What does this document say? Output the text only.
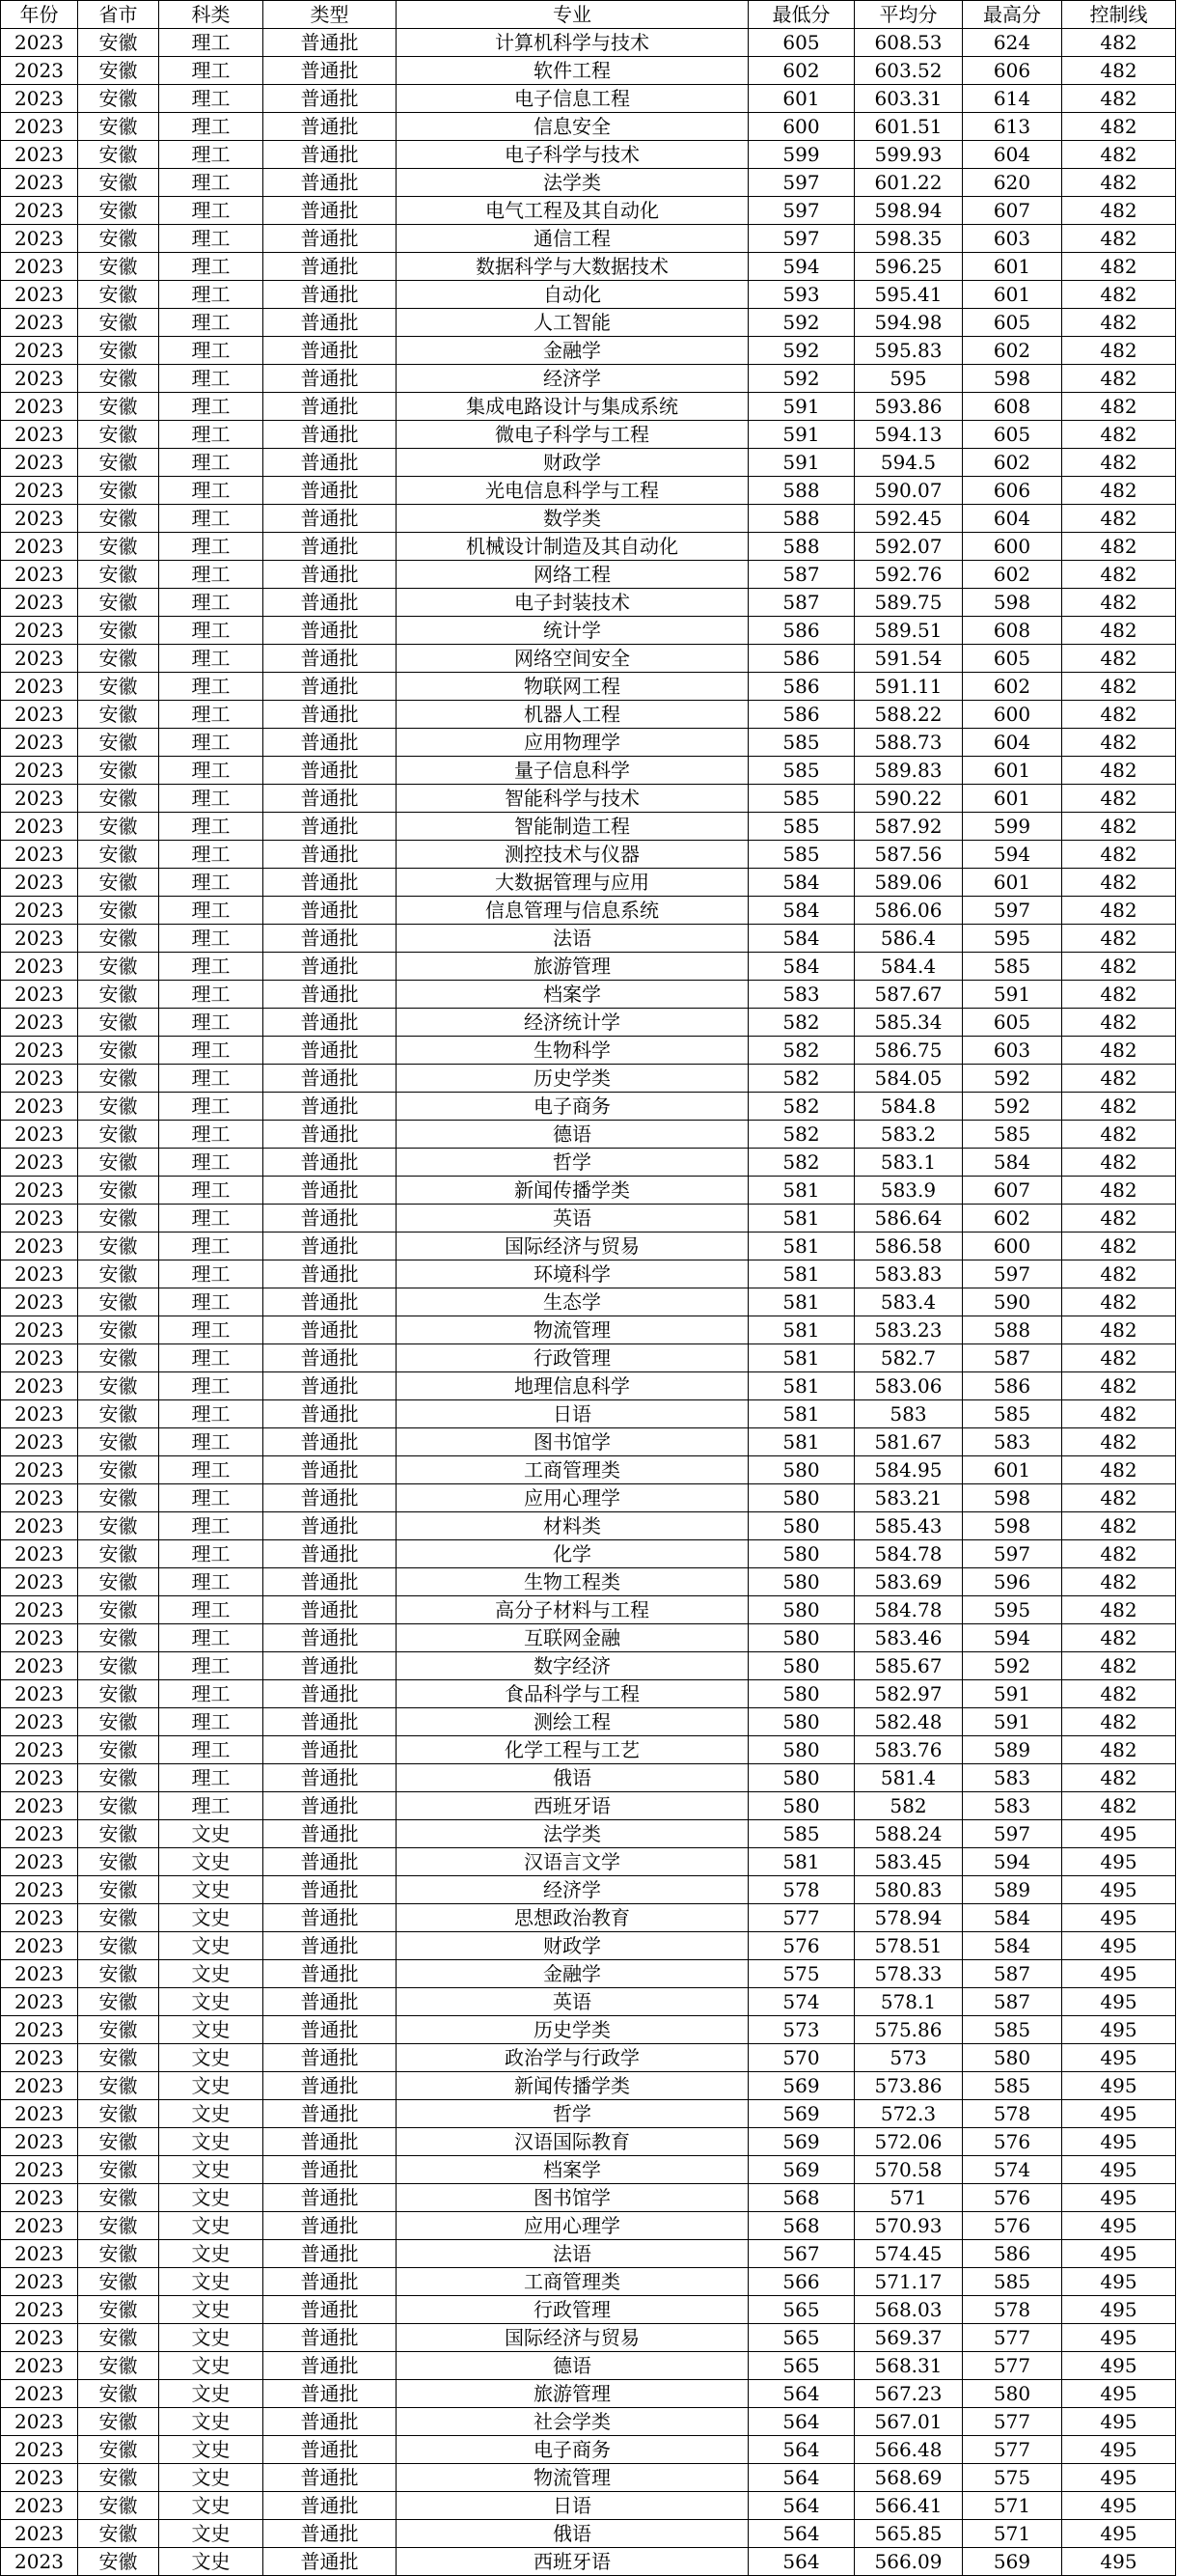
年份	省市	科类	类型	专业	最低分	平均分	最高分	控制线
2023	安徽	理工	普通批	计算机科学与技术	605	608.53	624	482
2023	安徽	理工	普通批	软件工程	602	603.52	606	482
2023	安徽	理工	普通批	电子信息工程	601	603.31	614	482
2023	安徽	理工	普通批	信息安全	600	601.51	613	482
2023	安徽	理工	普通批	电子科学与技术	599	599.93	604	482
2023	安徽	理工	普通批	法学类	597	601.22	620	482
2023	安徽	理工	普通批	电气工程及其自动化	597	598.94	607	482
2023	安徽	理工	普通批	通信工程	597	598.35	603	482
2023	安徽	理工	普通批	数据科学与大数据技术	594	596.25	601	482
2023	安徽	理工	普通批	自动化	593	595.41	601	482
2023	安徽	理工	普通批	人工智能	592	594.98	605	482
2023	安徽	理工	普通批	金融学	592	595.83	602	482
2023	安徽	理工	普通批	经济学	592	595	598	482
2023	安徽	理工	普通批	集成电路设计与集成系统	591	593.86	608	482
2023	安徽	理工	普通批	微电子科学与工程	591	594.13	605	482
2023	安徽	理工	普通批	财政学	591	594.5	602	482
2023	安徽	理工	普通批	光电信息科学与工程	588	590.07	606	482
2023	安徽	理工	普通批	数学类	588	592.45	604	482
2023	安徽	理工	普通批	机械设计制造及其自动化	588	592.07	600	482
2023	安徽	理工	普通批	网络工程	587	592.76	602	482
2023	安徽	理工	普通批	电子封装技术	587	589.75	598	482
2023	安徽	理工	普通批	统计学	586	589.51	608	482
2023	安徽	理工	普通批	网络空间安全	586	591.54	605	482
2023	安徽	理工	普通批	物联网工程	586	591.11	602	482
2023	安徽	理工	普通批	机器人工程	586	588.22	600	482
2023	安徽	理工	普通批	应用物理学	585	588.73	604	482
2023	安徽	理工	普通批	量子信息科学	585	589.83	601	482
2023	安徽	理工	普通批	智能科学与技术	585	590.22	601	482
2023	安徽	理工	普通批	智能制造工程	585	587.92	599	482
2023	安徽	理工	普通批	测控技术与仪器	585	587.56	594	482
2023	安徽	理工	普通批	大数据管理与应用	584	589.06	601	482
2023	安徽	理工	普通批	信息管理与信息系统	584	586.06	597	482
2023	安徽	理工	普通批	法语	584	586.4	595	482
2023	安徽	理工	普通批	旅游管理	584	584.4	585	482
2023	安徽	理工	普通批	档案学	583	587.67	591	482
2023	安徽	理工	普通批	经济统计学	582	585.34	605	482
2023	安徽	理工	普通批	生物科学	582	586.75	603	482
2023	安徽	理工	普通批	历史学类	582	584.05	592	482
2023	安徽	理工	普通批	电子商务	582	584.8	592	482
2023	安徽	理工	普通批	德语	582	583.2	585	482
2023	安徽	理工	普通批	哲学	582	583.1	584	482
2023	安徽	理工	普通批	新闻传播学类	581	583.9	607	482
2023	安徽	理工	普通批	英语	581	586.64	602	482
2023	安徽	理工	普通批	国际经济与贸易	581	586.58	600	482
2023	安徽	理工	普通批	环境科学	581	583.83	597	482
2023	安徽	理工	普通批	生态学	581	583.4	590	482
2023	安徽	理工	普通批	物流管理	581	583.23	588	482
2023	安徽	理工	普通批	行政管理	581	582.7	587	482
2023	安徽	理工	普通批	地理信息科学	581	583.06	586	482
2023	安徽	理工	普通批	日语	581	583	585	482
2023	安徽	理工	普通批	图书馆学	581	581.67	583	482
2023	安徽	理工	普通批	工商管理类	580	584.95	601	482
2023	安徽	理工	普通批	应用心理学	580	583.21	598	482
2023	安徽	理工	普通批	材料类	580	585.43	598	482
2023	安徽	理工	普通批	化学	580	584.78	597	482
2023	安徽	理工	普通批	生物工程类	580	583.69	596	482
2023	安徽	理工	普通批	高分子材料与工程	580	584.78	595	482
2023	安徽	理工	普通批	互联网金融	580	583.46	594	482
2023	安徽	理工	普通批	数字经济	580	585.67	592	482
2023	安徽	理工	普通批	食品科学与工程	580	582.97	591	482
2023	安徽	理工	普通批	测绘工程	580	582.48	591	482
2023	安徽	理工	普通批	化学工程与工艺	580	583.76	589	482
2023	安徽	理工	普通批	俄语	580	581.4	583	482
2023	安徽	理工	普通批	西班牙语	580	582	583	482
2023	安徽	文史	普通批	法学类	585	588.24	597	495
2023	安徽	文史	普通批	汉语言文学	581	583.45	594	495
2023	安徽	文史	普通批	经济学	578	580.83	589	495
2023	安徽	文史	普通批	思想政治教育	577	578.94	584	495
2023	安徽	文史	普通批	财政学	576	578.51	584	495
2023	安徽	文史	普通批	金融学	575	578.33	587	495
2023	安徽	文史	普通批	英语	574	578.1	587	495
2023	安徽	文史	普通批	历史学类	573	575.86	585	495
2023	安徽	文史	普通批	政治学与行政学	570	573	580	495
2023	安徽	文史	普通批	新闻传播学类	569	573.86	585	495
2023	安徽	文史	普通批	哲学	569	572.3	578	495
2023	安徽	文史	普通批	汉语国际教育	569	572.06	576	495
2023	安徽	文史	普通批	档案学	569	570.58	574	495
2023	安徽	文史	普通批	图书馆学	568	571	576	495
2023	安徽	文史	普通批	应用心理学	568	570.93	576	495
2023	安徽	文史	普通批	法语	567	574.45	586	495
2023	安徽	文史	普通批	工商管理类	566	571.17	585	495
2023	安徽	文史	普通批	行政管理	565	568.03	578	495
2023	安徽	文史	普通批	国际经济与贸易	565	569.37	577	495
2023	安徽	文史	普通批	德语	565	568.31	577	495
2023	安徽	文史	普通批	旅游管理	564	567.23	580	495
2023	安徽	文史	普通批	社会学类	564	567.01	577	495
2023	安徽	文史	普通批	电子商务	564	566.48	577	495
2023	安徽	文史	普通批	物流管理	564	568.69	575	495
2023	安徽	文史	普通批	日语	564	566.41	571	495
2023	安徽	文史	普通批	俄语	564	565.85	571	495
2023	安徽	文史	普通批	西班牙语	564	566.09	569	495
